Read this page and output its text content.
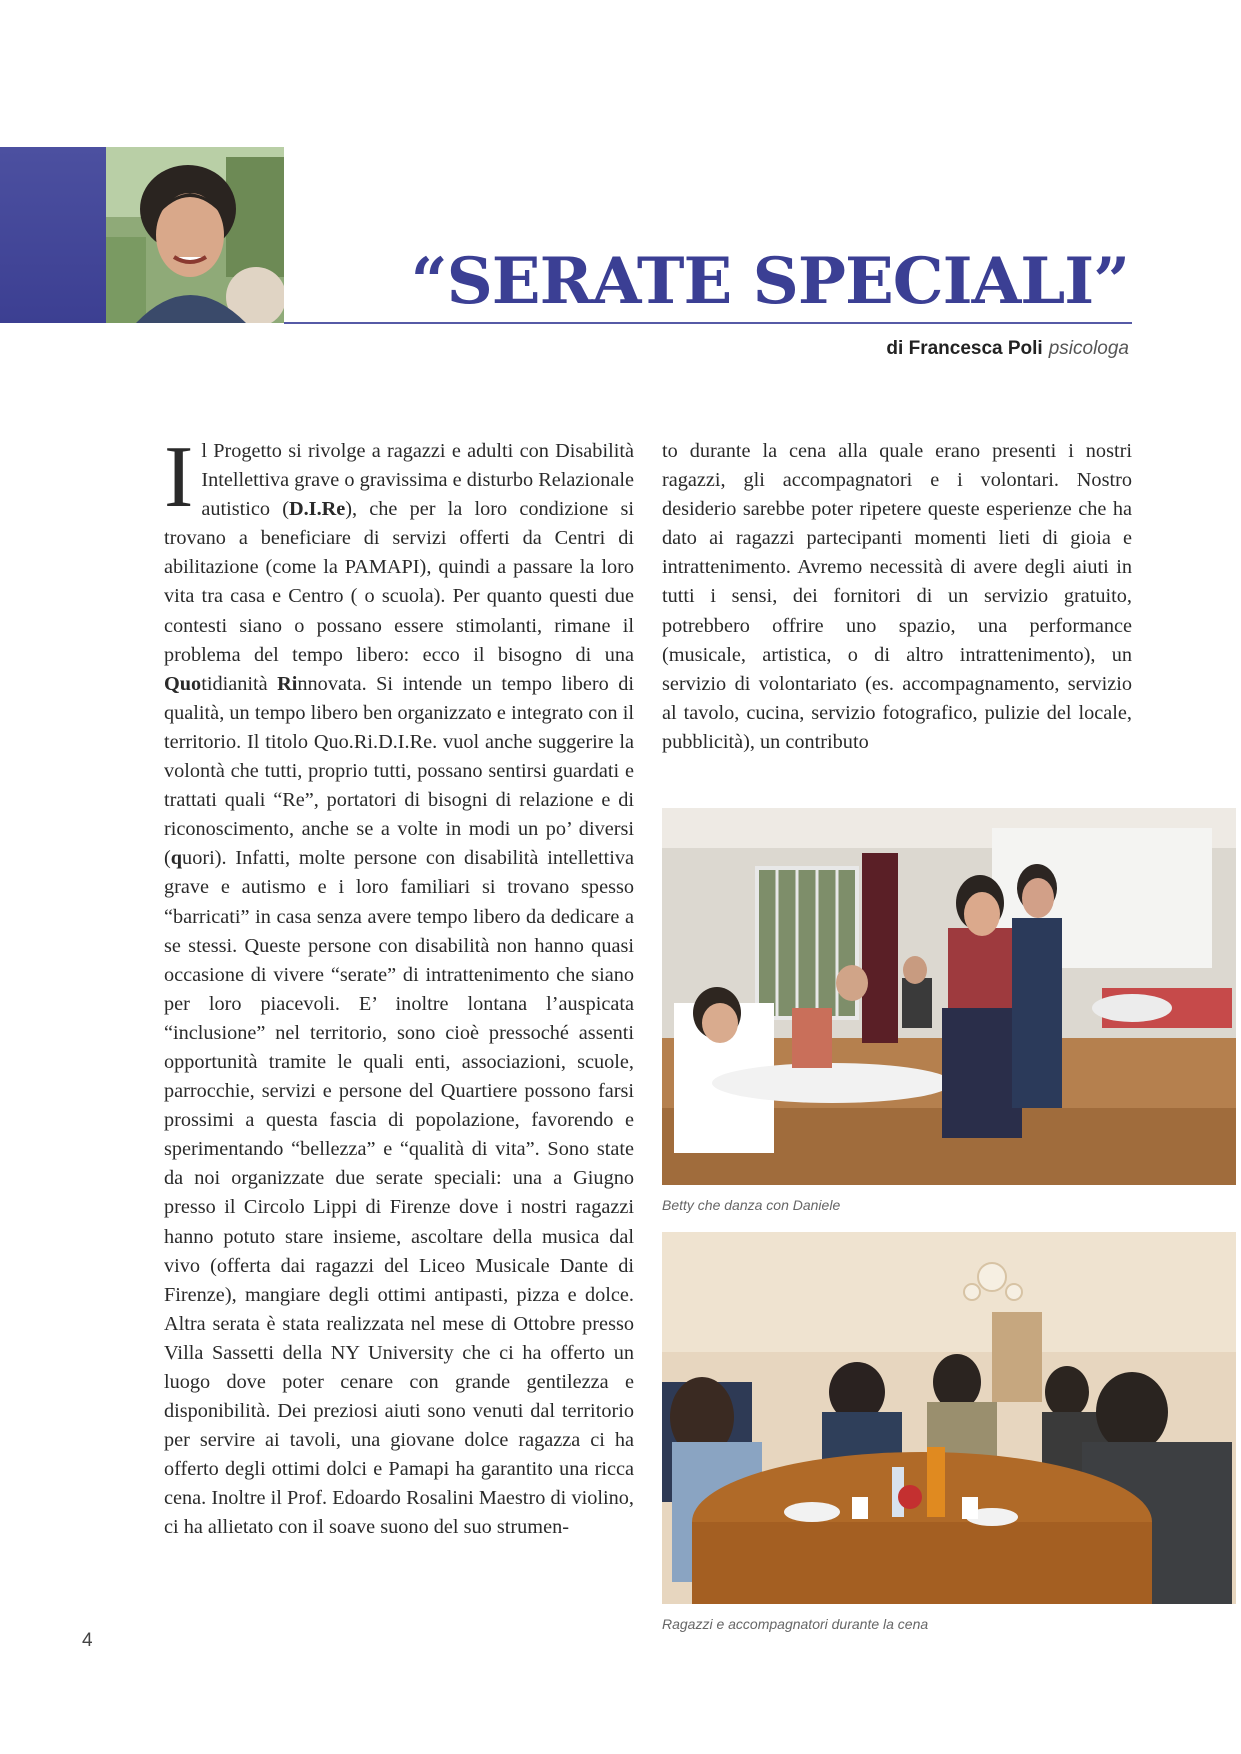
“SERATE SPECIALI”
di Francesca Poli psicologa

Il Progetto si rivolge a ragazzi e adulti con Disabilità Intellettiva grave o gravissima e disturbo Relazionale autistico (D.I.Re), che per la loro condizione si trovano a beneficiare di servizi offerti da Centri di abilitazione (come la PAMAPI), quindi a passare la loro vita tra casa e Centro ( o scuola). Per quanto questi due contesti siano o possano essere stimolanti, rimane il problema del tempo libero: ecco il bisogno di una Quotidianità Rinnovata. Si intende un tempo libero di qualità, un tempo libero ben organizzato e integrato con il territorio. Il titolo Quo.Ri.D.I.Re. vuol anche suggerire la volontà che tutti, proprio tutti, possano sentirsi guardati e trattati quali “Re”, portatori di bisogni di relazione e di riconoscimento, anche se a volte in modi un po’ diversi (quori). Infatti, molte persone con disabilità intellettiva grave e autismo e i loro familiari si trovano spesso “barricati” in casa senza avere tempo libero da dedicare a se stessi. Queste persone con disabilità non hanno quasi occasione di vivere “serate” di intrattenimento che siano per loro piacevoli. E’ inoltre lontana l’auspicata “inclusione” nel territorio, sono cioè pressoché assenti opportunità tramite le quali enti, associazioni, scuole, parrocchie, servizi e persone del Quartiere possono farsi prossimi a questa fascia di popolazione, favorendo e sperimentando “bellezza” e “qualità di vita”. Sono state da noi organizzate due serate speciali: una a Giugno presso il Circolo Lippi di Firenze dove i nostri ragazzi hanno potuto stare insieme, ascoltare della musica dal vivo (offerta dai ragazzi del Liceo Musicale Dante di Firenze), mangiare degli ottimi antipasti, pizza e dolce. Altra serata è stata realizzata nel mese di Ottobre presso Villa Sassetti della NY University che ci ha offerto un luogo dove poter cenare con grande gentilezza e disponibilità. Dei preziosi aiuti sono venuti dal territorio per servire ai tavoli, una giovane dolce ragazza ci ha offerto degli ottimi dolci e Pamapi ha garantito una ricca cena. Inoltre il Prof. Edoardo Rosalini Maestro di violino, ci ha allietato con il soave suono del suo strumen-

to durante la cena alla quale erano presenti i nostri ragazzi, gli accompagnatori e i volontari. Nostro desiderio sarebbe poter ripetere queste esperienze che ha dato ai ragazzi partecipanti momenti lieti di gioia e intrattenimento. Avremo necessità di avere degli aiuti in tutti i sensi, dei fornitori di un servizio gratuito, potrebbero offrire uno spazio, una performance (musicale, artistica, o di altro intrattenimento), un servizio di volontariato (es. accompagnamento, servizio al tavolo, cucina, servizio fotografico, pulizie del locale, pubblicità), un contributo

Betty che danza con Daniele
Ragazzi e accompagnatori durante la cena
4
